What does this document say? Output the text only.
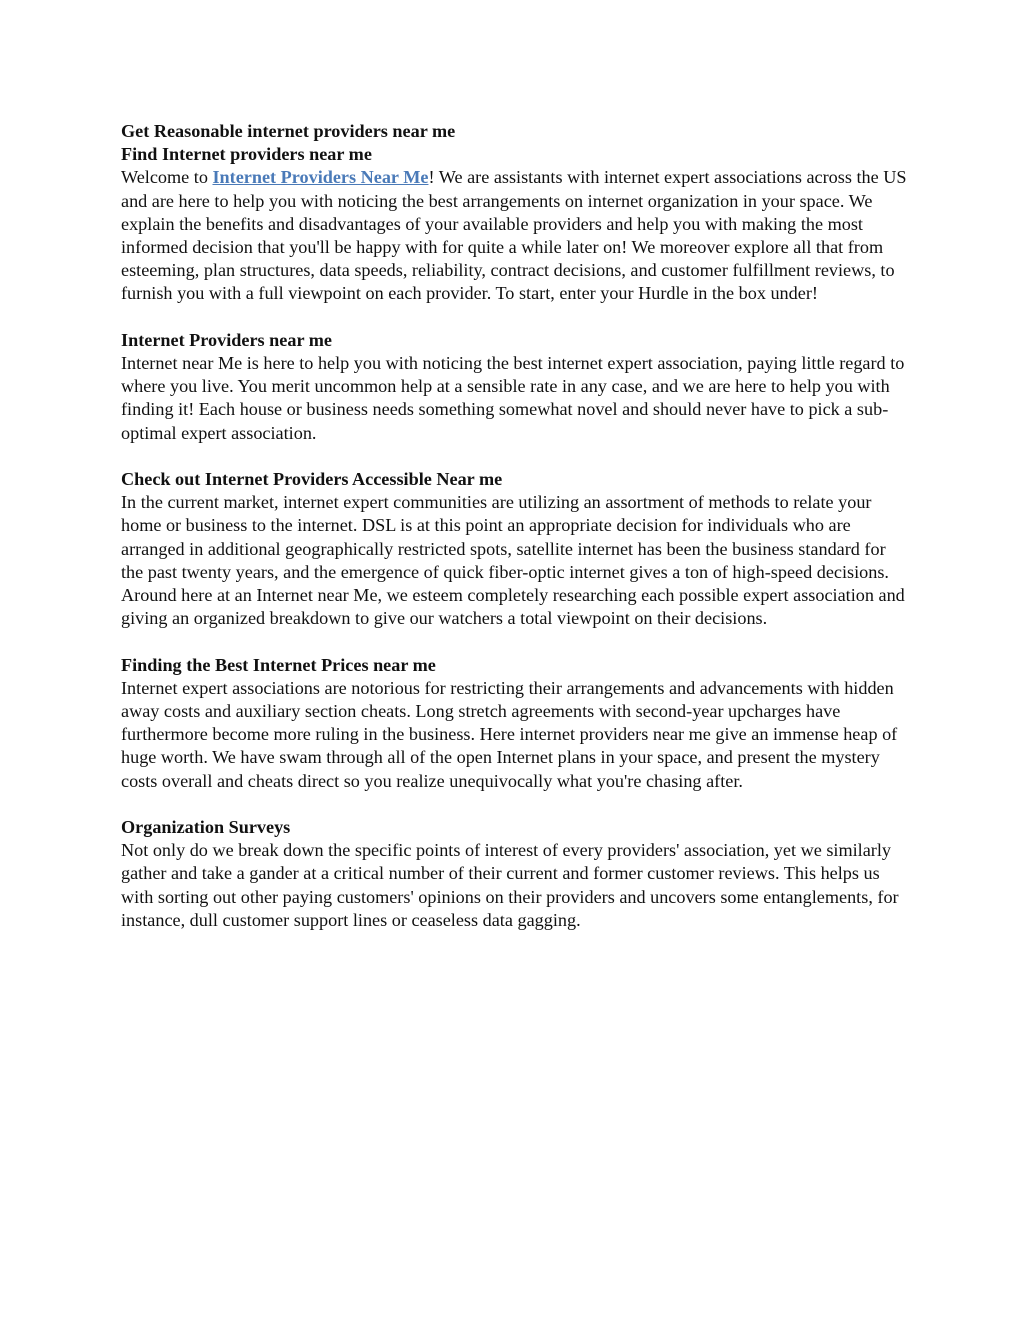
Get Reasonable internet providers near me

Find Internet providers near me

Welcome to Internet Providers Near Me! We are assistants with internet expert associations across the US and are here to help you with noticing the best arrangements on internet organization in your space. We explain the benefits and disadvantages of your available providers and help you with making the most informed decision that you'll be happy with for quite a while later on! We moreover explore all that from esteeming, plan structures, data speeds, reliability, contract decisions, and customer fulfillment reviews, to furnish you with a full viewpoint on each provider. To start, enter your Hurdle in the box under!

Internet Providers near me

Internet near Me is here to help you with noticing the best internet expert association, paying little regard to where you live. You merit uncommon help at a sensible rate in any case, and we are here to help you with finding it! Each house or business needs something somewhat novel and should never have to pick a sub-optimal expert association.

Check out Internet Providers Accessible Near me

In the current market, internet expert communities are utilizing an assortment of methods to relate your home or business to the internet. DSL is at this point an appropriate decision for individuals who are arranged in additional geographically restricted spots, satellite internet has been the business standard for the past twenty years, and the emergence of quick fiber-optic internet gives a ton of high-speed decisions. Around here at an Internet near Me, we esteem completely researching each possible expert association and giving an organized breakdown to give our watchers a total viewpoint on their decisions.

Finding the Best Internet Prices near me

Internet expert associations are notorious for restricting their arrangements and advancements with hidden away costs and auxiliary section cheats. Long stretch agreements with second-year upcharges have furthermore become more ruling in the business. Here internet providers near me give an immense heap of huge worth. We have swam through all of the open Internet plans in your space, and present the mystery costs overall and cheats direct so you realize unequivocally what you're chasing after.

Organization Surveys

Not only do we break down the specific points of interest of every providers' association, yet we similarly gather and take a gander at a critical number of their current and former customer reviews. This helps us with sorting out other paying customers' opinions on their providers and uncovers some entanglements, for instance, dull customer support lines or ceaseless data gagging.
